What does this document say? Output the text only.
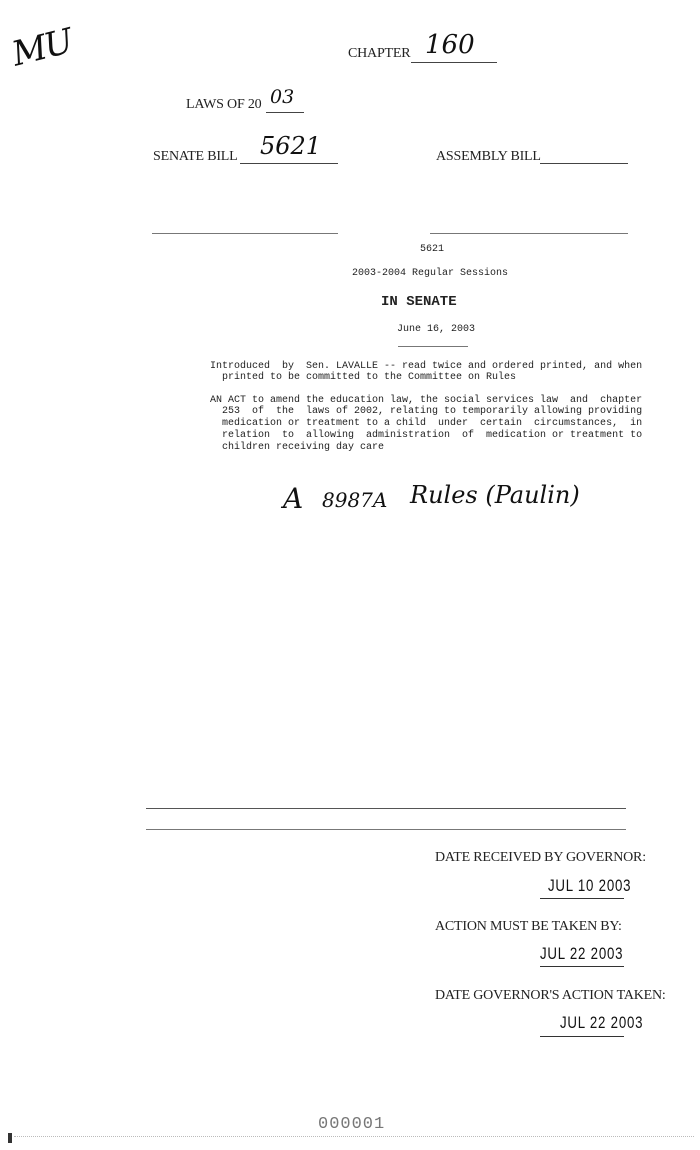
MU	CHAPTER 160
LAWS OF 20 03
SENATE BILL 5621	ASSEMBLY BILL
5621
2003-2004 Regular Sessions
IN SENATE
June 16, 2003
Introduced  by  Sen. LAVALLE -- read twice and ordered printed, and when
printed to be committed to the Committee on Rules
AN ACT to amend the education law, the social services law  and  chapter
253  of  the  laws of 2002, relating to temporarily allowing providing
medication or treatment to a child  under  certain  circumstances,  in
relation  to  allowing  administration  of  medication or treatment to
children receiving day care
A 8987A Rules (Paulin)
DATE RECEIVED BY GOVERNOR:
JUL 10 2003
ACTION MUST BE TAKEN BY:
JUL 22 2003
DATE GOVERNOR'S ACTION TAKEN:
JUL 22 2003
000001
